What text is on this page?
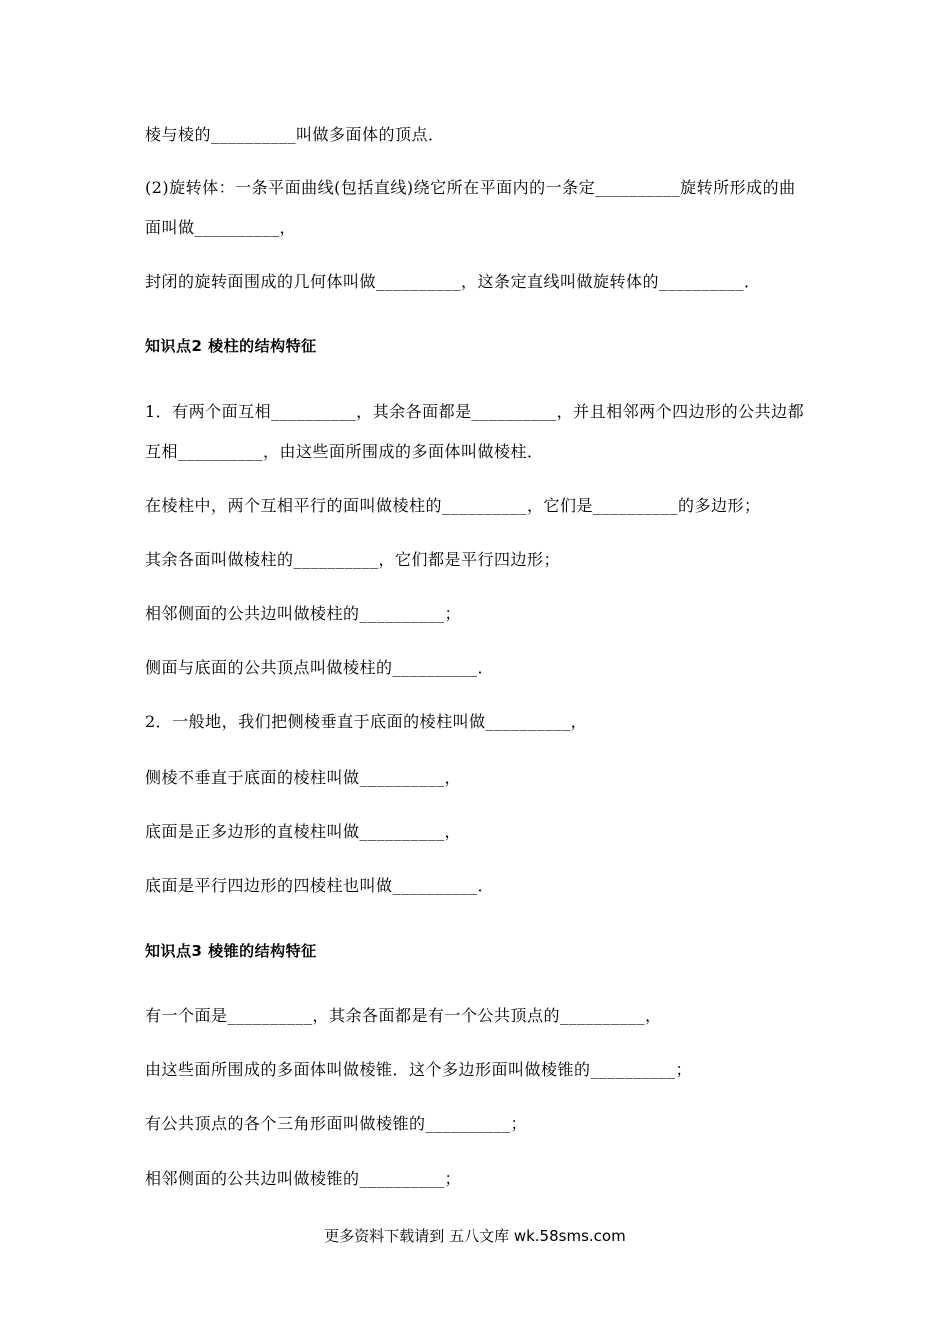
棱与棱的__________叫做多面体的顶点．
(2)旋转体：一条平面曲线(包括直线)绕它所在平面内的一条定__________旋转所形成的曲
面叫做__________，
封闭的旋转面围成的几何体叫做__________，这条定直线叫做旋转体的__________．
知识点2 棱柱的结构特征
1．有两个面互相__________，其余各面都是__________，并且相邻两个四边形的公共边都
互相__________，由这些面所围成的多面体叫做棱柱．
在棱柱中，两个互相平行的面叫做棱柱的__________，它们是__________的多边形；
其余各面叫做棱柱的__________，它们都是平行四边形；
相邻侧面的公共边叫做棱柱的__________；
侧面与底面的公共顶点叫做棱柱的__________．
2．一般地，我们把侧棱垂直于底面的棱柱叫做__________，
侧棱不垂直于底面的棱柱叫做__________，
底面是正多边形的直棱柱叫做__________，
底面是平行四边形的四棱柱也叫做__________．
知识点3 棱锥的结构特征
有一个面是__________，其余各面都是有一个公共顶点的__________，
由这些面所围成的多面体叫做棱锥．这个多边形面叫做棱锥的__________；
有公共顶点的各个三角形面叫做棱锥的__________；
相邻侧面的公共边叫做棱锥的__________；
更多资料下载请到 五八文库 wk.58sms.com
